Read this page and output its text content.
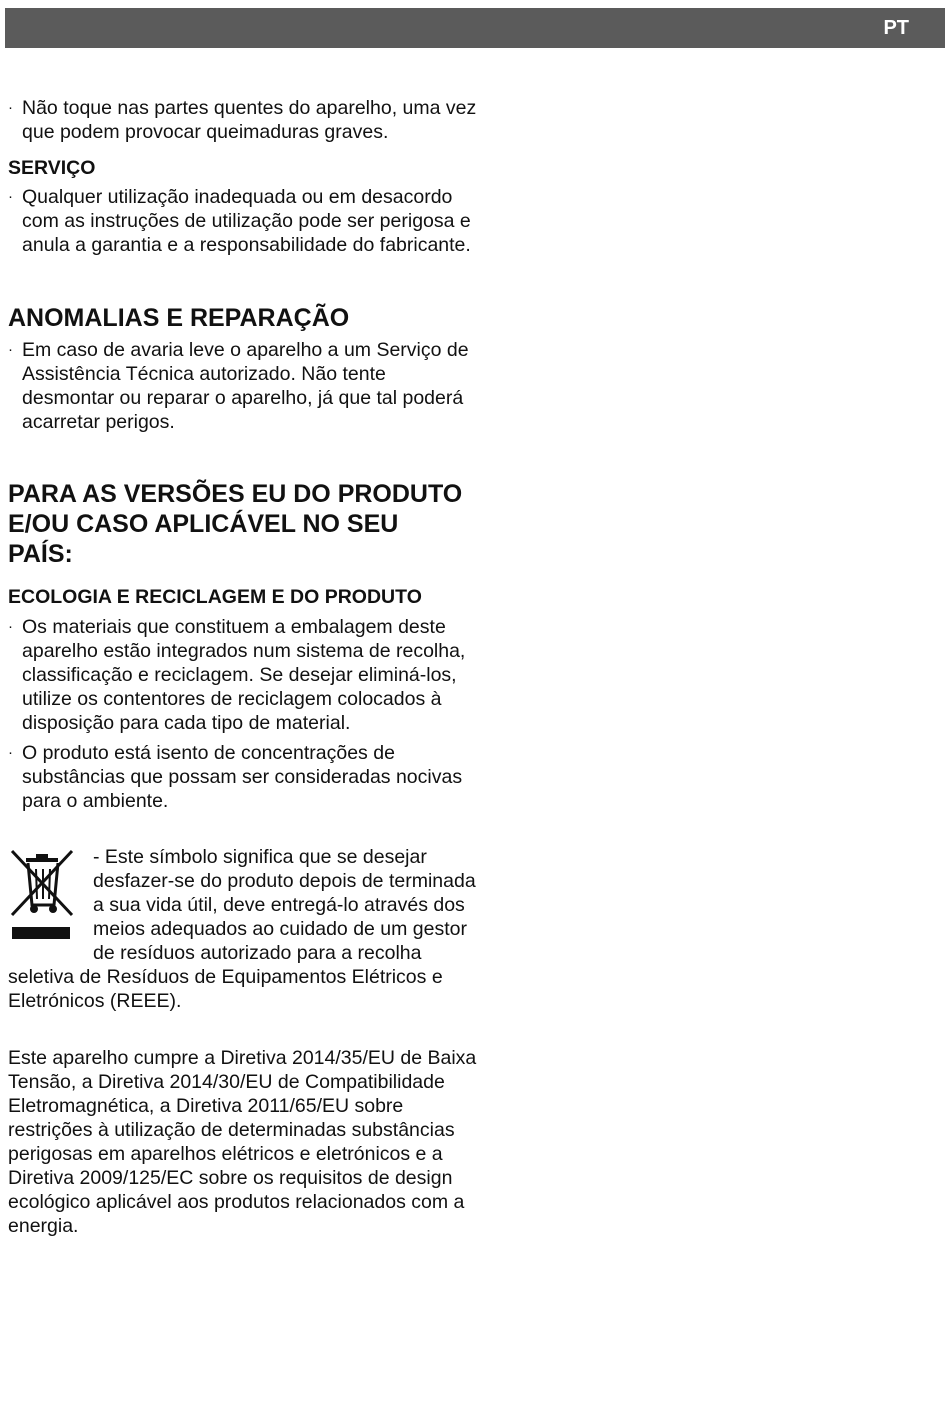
PT
· Não toque nas partes quentes do aparelho, uma vez que podem provocar queimaduras graves.
SERVIÇO
· Qualquer utilização inadequada ou em desacordo com as instruções de utilização pode ser perigosa e anula a garantia e a responsabilidade do fabricante.
ANOMALIAS E REPARAÇÃO
· Em caso de avaria leve o aparelho a um Serviço de Assistência Técnica autorizado. Não tente desmontar ou reparar o aparelho, já que tal poderá acarretar perigos.
PARA AS VERSÕES EU DO PRODUTO E/OU CASO APLICÁVEL NO SEU PAÍS:
ECOLOGIA E RECICLAGEM E DO PRODUTO
· Os materiais que constituem a embalagem deste aparelho estão integrados num sistema de recolha, classificação e reciclagem. Se desejar eliminá-los, utilize os contentores de reciclagem colocados à disposição para cada tipo de material.
· O produto está isento de concentrações de substâncias que possam ser consideradas nocivas para o ambiente.
- Este símbolo significa que se desejar desfazer-se do produto depois de terminada a sua vida útil, deve entregá-lo através dos meios adequados ao cuidado de um gestor de resíduos autorizado para a recolha seletiva de Resíduos de Equipamentos Elétricos e Eletrónicos (REEE).
Este aparelho cumpre a Diretiva 2014/35/EU de Baixa Tensão, a Diretiva 2014/30/EU de Compatibilidade Eletromagnética, a Diretiva 2011/65/EU sobre restrições à utilização de determinadas substâncias perigosas em aparelhos elétricos e eletrónicos e a Diretiva 2009/125/EC sobre os requisitos de design ecológico aplicável aos produtos relacionados com a energia.
